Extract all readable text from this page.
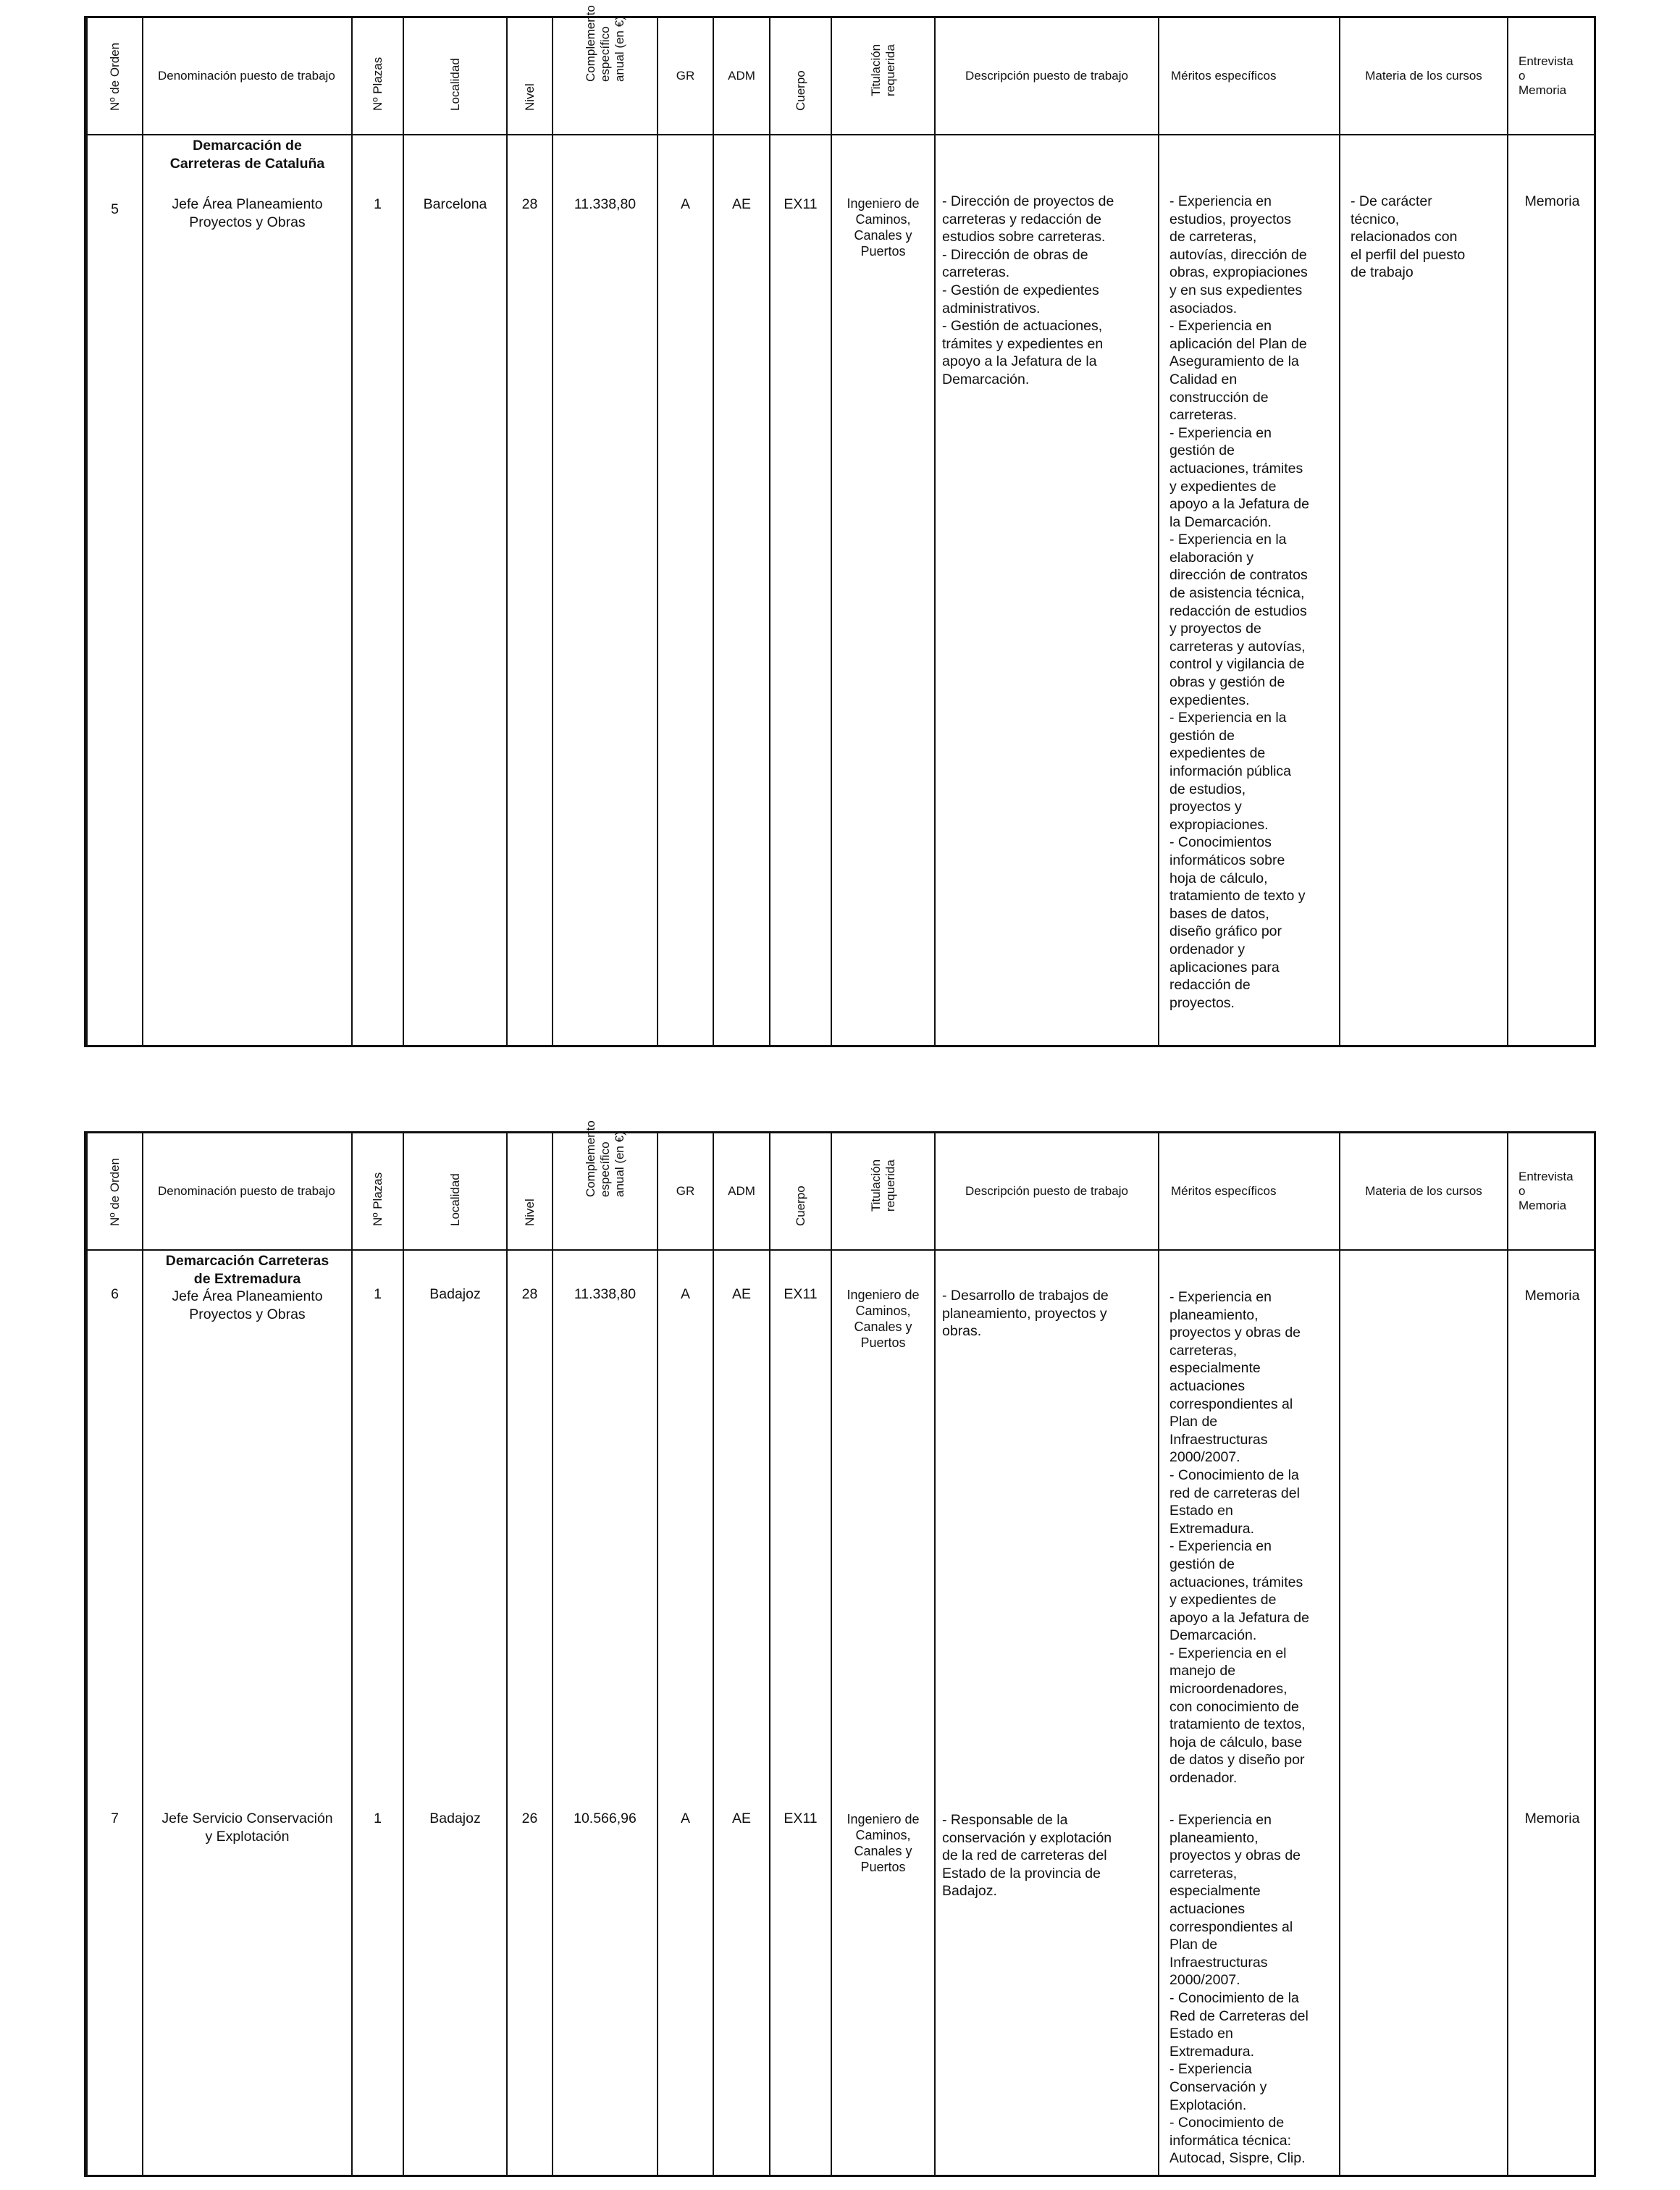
Nº de Orden
5
Denominación puesto de trabajo
Demarcación de
Carreteras de Cataluña
Jefe Área Planeamiento
Proyectos y Obras
Nº Plazas
1
Localidad
Barcelona
Nivel
28
Complemento
específico
anual (en €)
11.338,80
GR
A
ADM
AE
Cuerpo
EX11
Titulación
requerida
Ingeniero de
Caminos,
Canales y
Puertos
Descripción puesto de trabajo
- Dirección de proyectos de
carreteras y redacción de
estudios sobre carreteras.
- Dirección de obras de
carreteras.
- Gestión de expedientes
administrativos.
- Gestión de actuaciones,
trámites y expedientes en
apoyo a la Jefatura de la
Demarcación.
Méritos específicos
- Experiencia en
estudios, proyectos
de carreteras,
autovías, dirección de
obras, expropiaciones
y en sus expedientes
asociados.
- Experiencia en
aplicación del Plan de
Aseguramiento de la
Calidad en
construcción de
carreteras.
- Experiencia en
gestión de
actuaciones, trámites
y expedientes de
apoyo a la Jefatura de
la Demarcación.
- Experiencia en la
elaboración y
dirección de contratos
de asistencia técnica,
redacción de estudios
y proyectos de
carreteras y autovías,
control y vigilancia de
obras y gestión de
expedientes.
- Experiencia en la
gestión de
expedientes de
información pública
de estudios,
proyectos y
expropiaciones.
- Conocimientos
informáticos sobre
hoja de cálculo,
tratamiento de texto y
bases de datos,
diseño gráfico por
ordenador y
aplicaciones para
redacción de
proyectos.
Materia de los cursos
- De carácter
técnico,
relacionados con
el perfil del puesto
de trabajo
Entrevista
o
Memoria
Memoria
Nº de Orden
6
7
Denominación puesto de trabajo
Demarcación Carreteras
de Extremadura
Jefe Área Planeamiento
Proyectos y Obras
Jefe Servicio Conservación
y Explotación
Nº Plazas
1
1
Localidad
Badajoz
Badajoz
Nivel
28
26
Complemento
específico
anual (en €)
11.338,80
10.566,96
GR
A
A
ADM
AE
AE
Cuerpo
EX11
EX11
Titulación
requerida
Ingeniero de
Caminos,
Canales y
Puertos
Ingeniero de
Caminos,
Canales y
Puertos
Descripción puesto de trabajo
- Desarrollo de trabajos de
planeamiento, proyectos y
obras.
- Responsable de la
conservación y explotación
de la red de carreteras del
Estado de la provincia de
Badajoz.
Méritos específicos
- Experiencia en
planeamiento,
proyectos y obras de
carreteras,
especialmente
actuaciones
correspondientes al
Plan de
Infraestructuras
2000/2007.
- Conocimiento de la
red de carreteras del
Estado en
Extremadura.
- Experiencia en
gestión de
actuaciones, trámites
y expedientes de
apoyo a la Jefatura de
Demarcación.
- Experiencia en el
manejo de
microordenadores,
con conocimiento de
tratamiento de textos,
hoja de cálculo, base
de datos y diseño por
ordenador.
- Experiencia en
planeamiento,
proyectos y obras de
carreteras,
especialmente
actuaciones
correspondientes al
Plan de
Infraestructuras
2000/2007.
- Conocimiento de la
Red de Carreteras del
Estado en
Extremadura.
- Experiencia
Conservación y
Explotación.
- Conocimiento de
informática técnica:
Autocad, Sispre, Clip.
Materia de los cursos
Entrevista
o
Memoria
Memoria
Memoria
